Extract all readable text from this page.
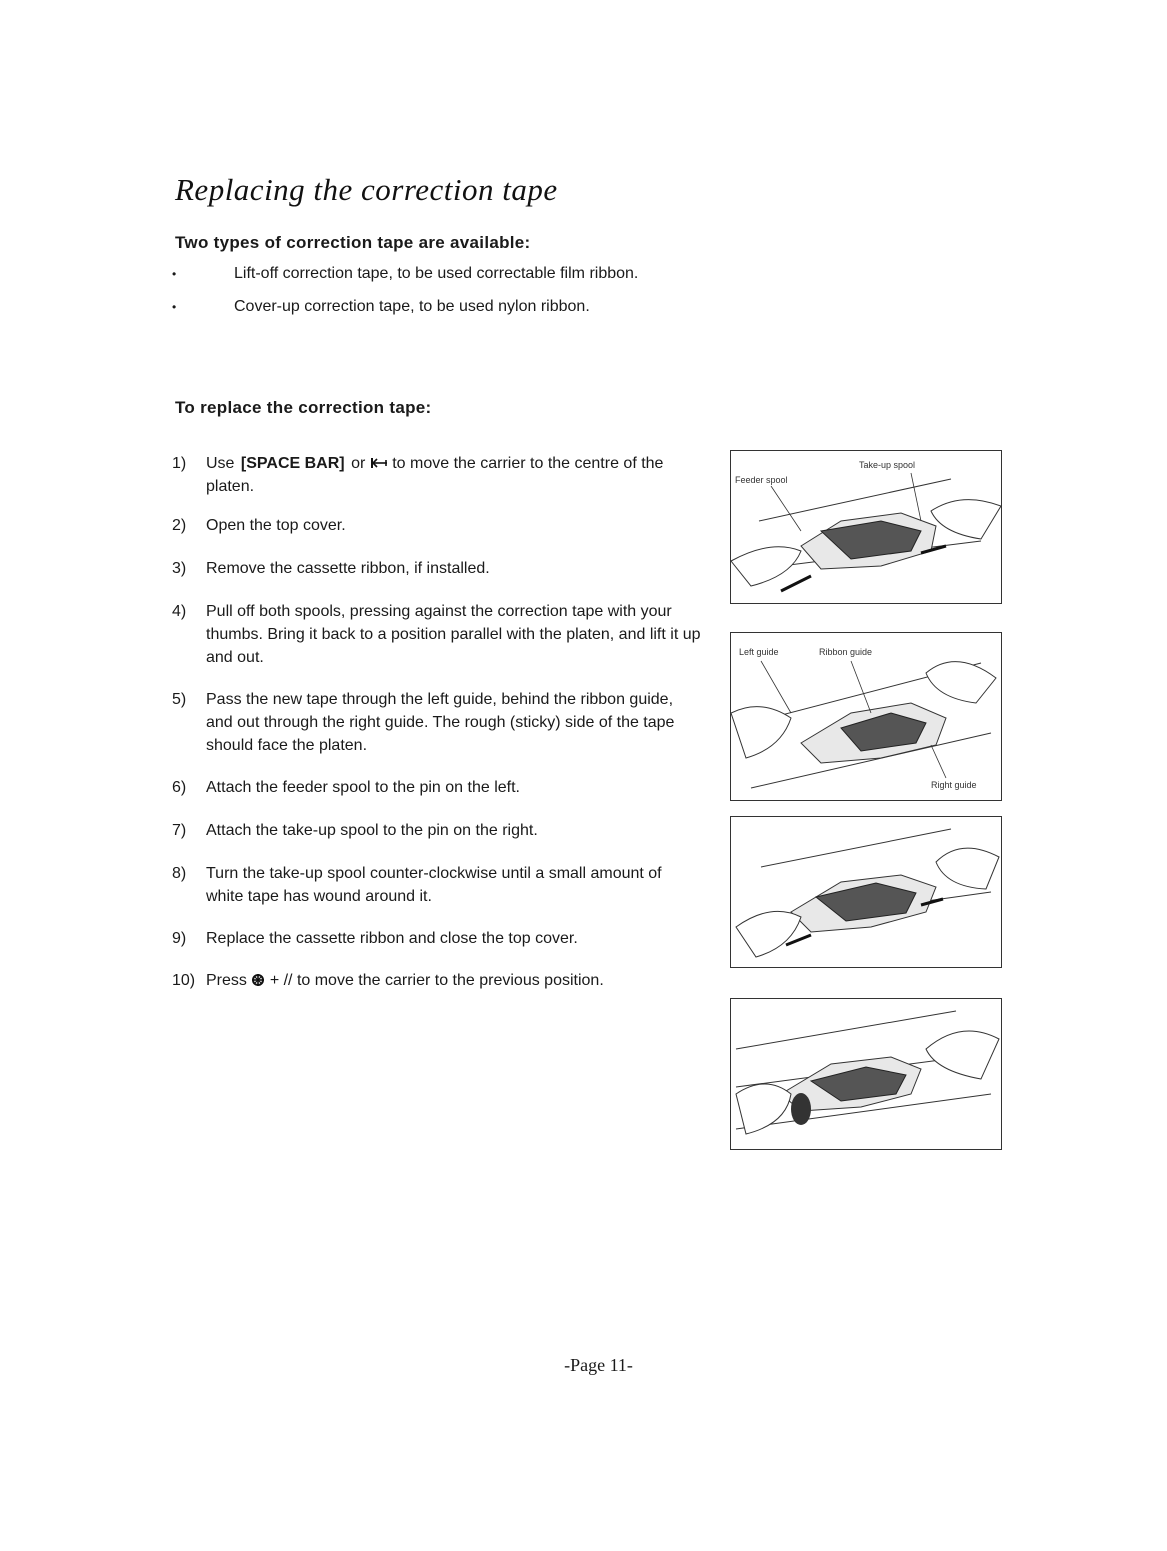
Replacing the correction tape
Two types of correction tape are available:
•	Lift-off correction tape, to be used correctable film ribbon.
•	Cover-up correction tape, to be used nylon ribbon.
To replace the correction tape:
1) Use [SPACE BAR] or to move the carrier to the centre of the platen.
2) Open the top cover.
3) Remove the cassette ribbon, if installed.
4) Pull off both spools, pressing against the correction tape with your thumbs. Bring it back to a position parallel with the platen, and lift it up and out.
5) Pass the new tape through the left guide, behind the ribbon guide, and out through the right guide. The rough (sticky) side of the tape should face the platen.
6) Attach the feeder spool to the pin on the left.
7) Attach the take-up spool to the pin on the right.
8) Turn the take-up spool counter-clockwise until a small amount of white tape has wound around it.
9) Replace the cassette ribbon and close the top cover.
10) Press + // to move the carrier to the previous position.
Feeder spool
Take-up spool
Left guide	Ribbon guide
Right guide
-Page 11-
